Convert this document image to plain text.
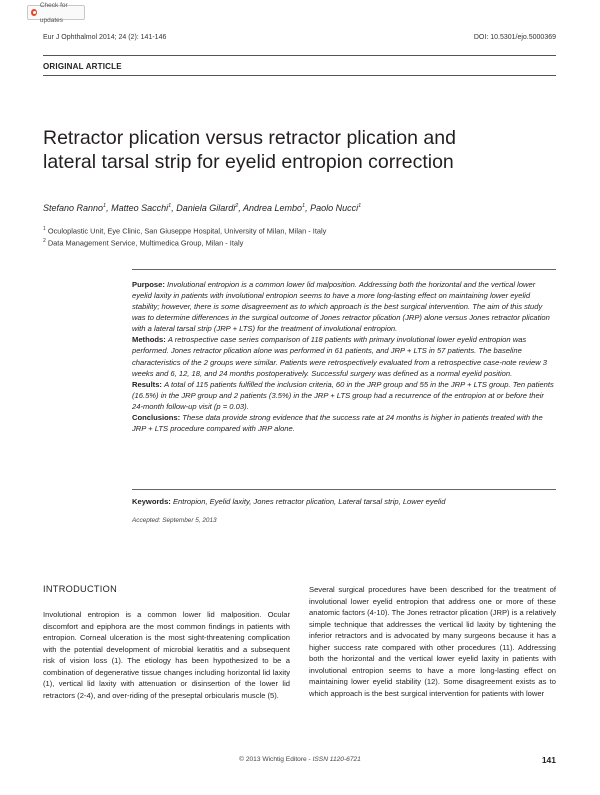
Check for updates
Eur J Ophthalmol 2014; 24 (2): 141-146	DOI: 10.5301/ejo.5000369
ORIGINAL ARTICLE
Retractor plication versus retractor plication and
lateral tarsal strip for eyelid entropion correction
Stefano Ranno$^1$, Matteo Sacchi$^1$, Daniela Gilardi$^2$, Andrea Lembo$^1$, Paolo Nucci$^1$
$^1$ Oculoplastic Unit, Eye Clinic, San Giuseppe Hospital, University of Milan, Milan - Italy
$^2$ Data Management Service, Multimedica Group, Milan - Italy

Purpose: Involutional entropion is a common lower lid malposition. Addressing both the horizontal and the vertical lower eyelid laxity in patients with involutional entropion seems to have a more long-lasting effect on maintaining lower eyelid stability; however, there is some disagreement as to which approach is the best surgical intervention. The aim of this study was to determine differences in the surgical outcome of Jones retractor plication (JRP) alone versus Jones retractor plication with a lateral tarsal strip (JRP + LTS) for the treatment of involutional entropion.

Methods: A retrospective case series comparison of 118 patients with primary involutional lower eyelid entropion was performed. Jones retractor plication alone was performed in 61 patients, and JRP + LTS in 57 patients. The baseline characteristics of the 2 groups were similar. Patients were retrospectively evaluated from a retrospective case-note review 3 weeks and 6, 12, 18, and 24 months postoperatively. Successful surgery was defined as a normal eyelid position.

Results: A total of 115 patients fulfilled the inclusion criteria, 60 in the JRP group and 55 in the JRP + LTS group. Ten patients (16.5%) in the JRP group and 2 patients (3.5%) in the JRP + LTS group had a recurrence of the entropion at or before their 24-month follow-up visit (p = 0.03).

Conclusions: These data provide strong evidence that the success rate at 24 months is higher in patients treated with the JRP + LTS procedure compared with JRP alone.

Keywords: Entropion, Eyelid laxity, Jones retractor plication, Lateral tarsal strip, Lower eyelid
Accepted: September 5, 2013
INTRODUCTION
Involutional entropion is a common lower lid malposition. Ocular discomfort and epiphora are the most common findings in patients with entropion. Corneal ulceration is the most sight-threatening complication with the potential development of microbial keratitis and a subsequent risk of vision loss (1). The etiology has been hypothesized to be a combination of degenerative tissue changes including horizontal lid laxity (1), vertical lid laxity with attenuation or disinsertion of the lower lid retractors (2-4), and over-riding of the preseptal orbicularis muscle (5).
Several surgical procedures have been described for the treatment of involutional lower eyelid entropion that address one or more of these anatomic factors (4-10). The Jones retractor plication (JRP) is a relatively simple technique that addresses the vertical lid laxity by tightening the inferior retractors and is advocated by many surgeons because it has a higher success rate compared with other procedures (11). Addressing both the horizontal and the vertical lower eyelid laxity in patients with involutional entropion seems to have a more long-lasting effect on maintaining lower eyelid stability (12). Some disagreement exists as to which approach is the best surgical intervention for patients with lower
© 2013 Wichtig Editore - ISSN 1120-6721	141
